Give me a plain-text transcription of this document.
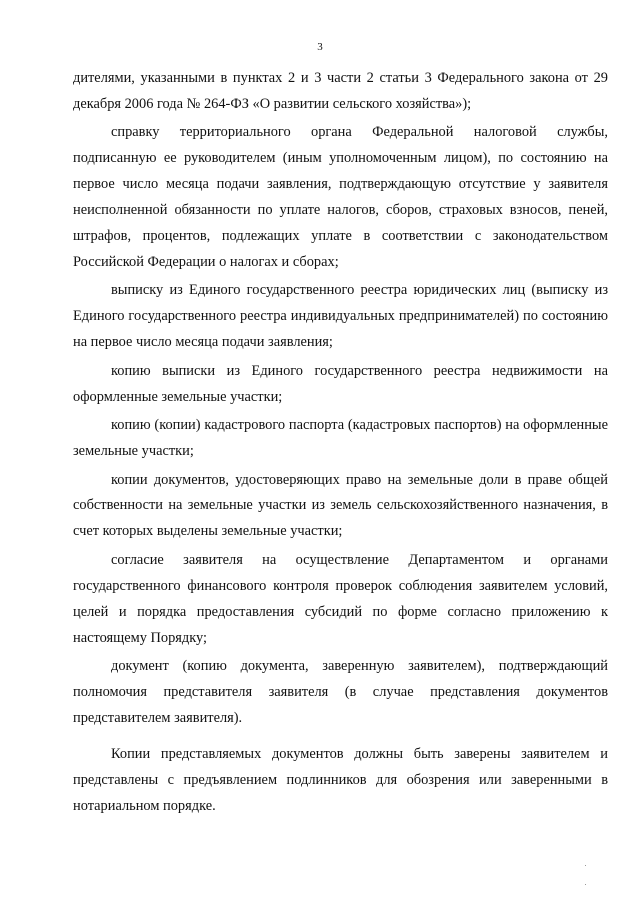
3

дителями, указанными в пунктах 2 и 3 части 2 статьи 3 Федерального закона от 29 декабря 2006 года № 264-ФЗ «О развитии сельского хозяйства»);

справку территориального органа Федеральной налоговой службы, подписанную ее руководителем (иным уполномоченным лицом), по состоянию на первое число месяца подачи заявления, подтверждающую отсутствие у заявителя неисполненной обязанности по уплате налогов, сборов, страховых взносов, пеней, штрафов, процентов, подлежащих уплате в соответствии с законодательством Российской Федерации о налогах и сборах;

выписку из Единого государственного реестра юридических лиц (выписку из Единого государственного реестра индивидуальных предпринимателей) по состоянию на первое число месяца подачи заявления;

копию выписки из Единого государственного реестра недвижимости на оформленные земельные участки;

копию (копии) кадастрового паспорта (кадастровых паспортов) на оформленные земельные участки;

копии документов, удостоверяющих право на земельные доли в праве общей собственности на земельные участки из земель сельскохозяйственного назначения, в счет которых выделены земельные участки;

согласие заявителя на осуществление Департаментом и органами государственного финансового контроля проверок соблюдения заявителем условий, целей и порядка предоставления субсидий по форме согласно приложению к настоящему Порядку;

документ (копию документа, заверенную заявителем), подтверждающий полномочия представителя заявителя (в случае представления документов представителем заявителя).

Копии представляемых документов должны быть заверены заявителем и представлены с предъявлением подлинников для обозрения или заверенными в нотариальном порядке.
